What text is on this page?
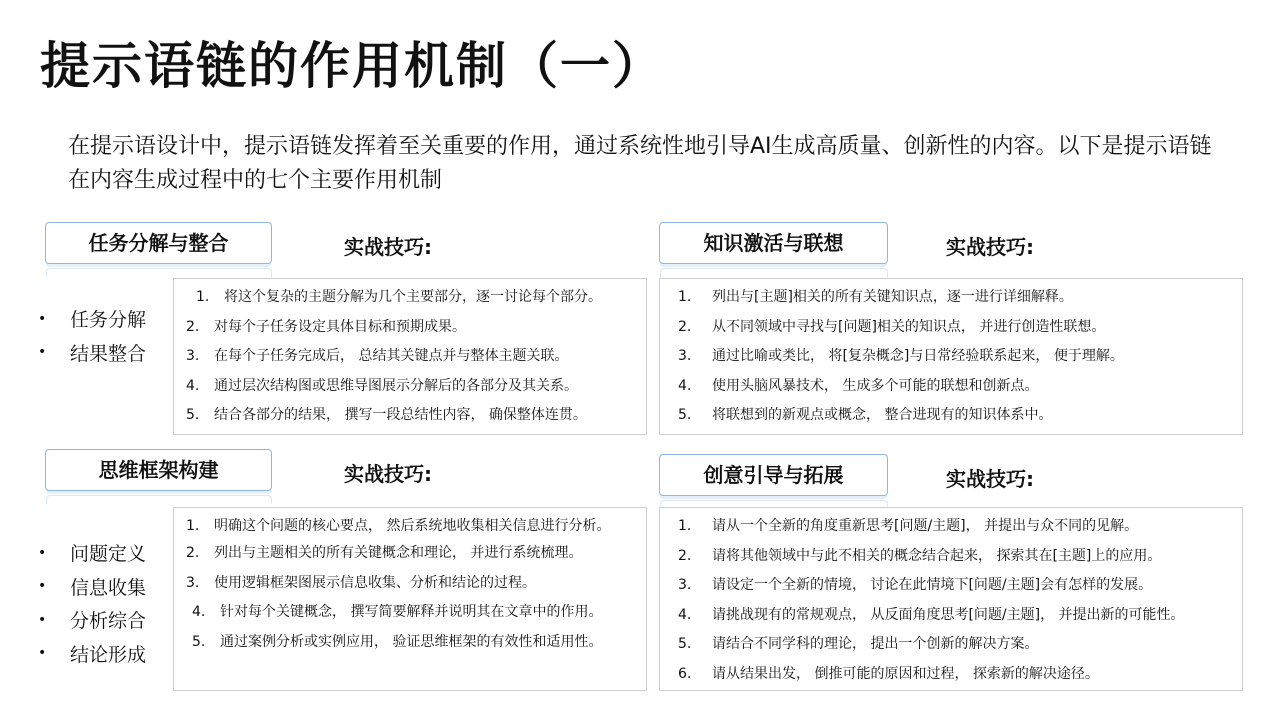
提示语链的作用机制（一）
在提示语设计中，提示语链发挥着至关重要的作用，通过系统性地引导AI生成高质量、创新性的内容。以下是提示语链在内容生成过程中的七个主要作用机制
任务分解与整合	实战技巧:
•	任务分解
•	结果整合
1.	将这个复杂的主题分解为几个主要部分，逐一讨论每个部分。
2.	对每个子任务设定具体目标和预期成果。
3.	在每个子任务完成后， 总结其关键点并与整体主题关联。
4.	通过层次结构图或思维导图展示分解后的各部分及其关系。
5.	结合各部分的结果， 撰写一段总结性内容， 确保整体连贯。
知识激活与联想	实战技巧:
1.	列出与[主题]相关的所有关键知识点，逐一进行详细解释。
2.	从不同领域中寻找与[问题]相关的知识点， 并进行创造性联想。
3.	通过比喻或类比， 将[复杂概念]与日常经验联系起来， 便于理解。
4.	使用头脑风暴技术， 生成多个可能的联想和创新点。
5.	将联想到的新观点或概念， 整合进现有的知识体系中。
思维框架构建	实战技巧:
•	问题定义
•	信息收集
•	分析综合
•	结论形成
1.	明确这个问题的核心要点， 然后系统地收集相关信息进行分析。
2.	列出与主题相关的所有关键概念和理论， 并进行系统梳理。
3.	使用逻辑框架图展示信息收集、分析和结论的过程。
4.	针对每个关键概念， 撰写简要解释并说明其在文章中的作用。
5.	通过案例分析或实例应用， 验证思维框架的有效性和适用性。
创意引导与拓展	实战技巧:
1.	请从一个全新的角度重新思考[问题/主题]， 并提出与众不同的见解。
2.	请将其他领域中与此不相关的概念结合起来， 探索其在[主题]上的应用。
3.	请设定一个全新的情境， 讨论在此情境下[问题/主题]会有怎样的发展。
4.	请挑战现有的常规观点， 从反面角度思考[问题/主题]， 并提出新的可能性。
5.	请结合不同学科的理论， 提出一个创新的解决方案。
6.	请从结果出发， 倒推可能的原因和过程， 探索新的解决途径。
